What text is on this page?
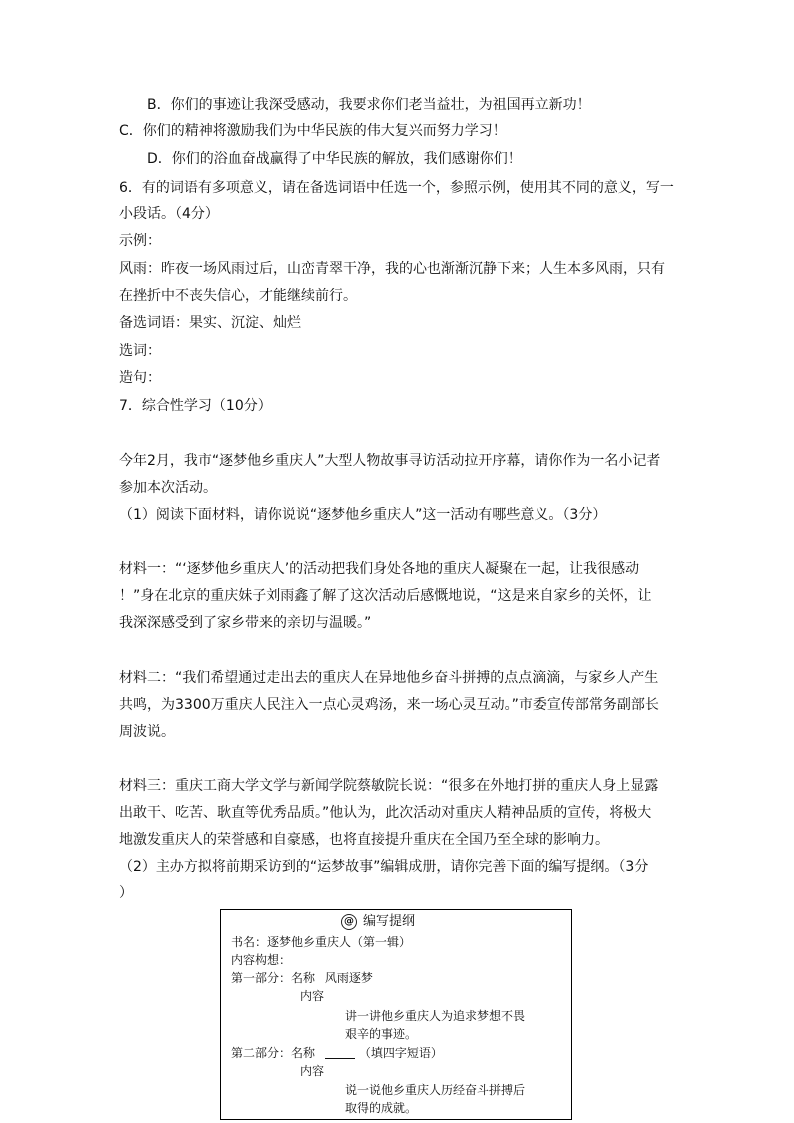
B．你们的事迹让我深受感动，我要求你们老当益壮，为祖国再立新功！
C．你们的精神将激励我们为中华民族的伟大复兴而努力学习！
D．你们的浴血奋战赢得了中华民族的解放，我们感谢你们！
6．有的词语有多项意义，请在备选词语中任选一个，参照示例，使用其不同的意义，写一
小段话。（4分）
示例：
风雨：昨夜一场风雨过后，山峦青翠干净，我的心也渐渐沉静下来；人生本多风雨，只有
在挫折中不丧失信心，才能继续前行。
备选词语：果实、沉淀、灿烂
选词：
造句：
7．综合性学习（10分）
今年2月，我市“逐梦他乡重庆人”大型人物故事寻访活动拉开序幕，请你作为一名小记者
参加本次活动。
（1）阅读下面材料，请你说说“逐梦他乡重庆人”这一活动有哪些意义。（3分）
材料一：“‘逐梦他乡重庆人’的活动把我们身处各地的重庆人凝聚在一起，让我很感动
！”身在北京的重庆妹子刘雨鑫了解了这次活动后感慨地说，“这是来自家乡的关怀，让
我深深感受到了家乡带来的亲切与温暖。”
材料二：“我们希望通过走出去的重庆人在异地他乡奋斗拼搏的点点滴滴，与家乡人产生
共鸣，为3300万重庆人民注入一点心灵鸡汤，来一场心灵互动。”市委宣传部常务副部长
周波说。
材料三：重庆工商大学文学与新闻学院蔡敏院长说：“很多在外地打拼的重庆人身上显露
出敢干、吃苦、耿直等优秀品质。”他认为，此次活动对重庆人精神品质的宣传，将极大
地激发重庆人的荣誉感和自豪感，也将直接提升重庆在全国乃至全球的影响力。
（2）主办方拟将前期采访到的“运梦故事”编辑成册，请你完善下面的编写提纲。（3分
）
@ 编写提纲
书名：逐梦他乡重庆人（第一辑）
内容构想：
第一部分：名称 风雨逐梦
内容
讲一讲他乡重庆人为追求梦想不畏
艰辛的事迹。
第二部分：名称	（填四字短语）
内容
说一说他乡重庆人历经奋斗拼搏后
取得的成就。
